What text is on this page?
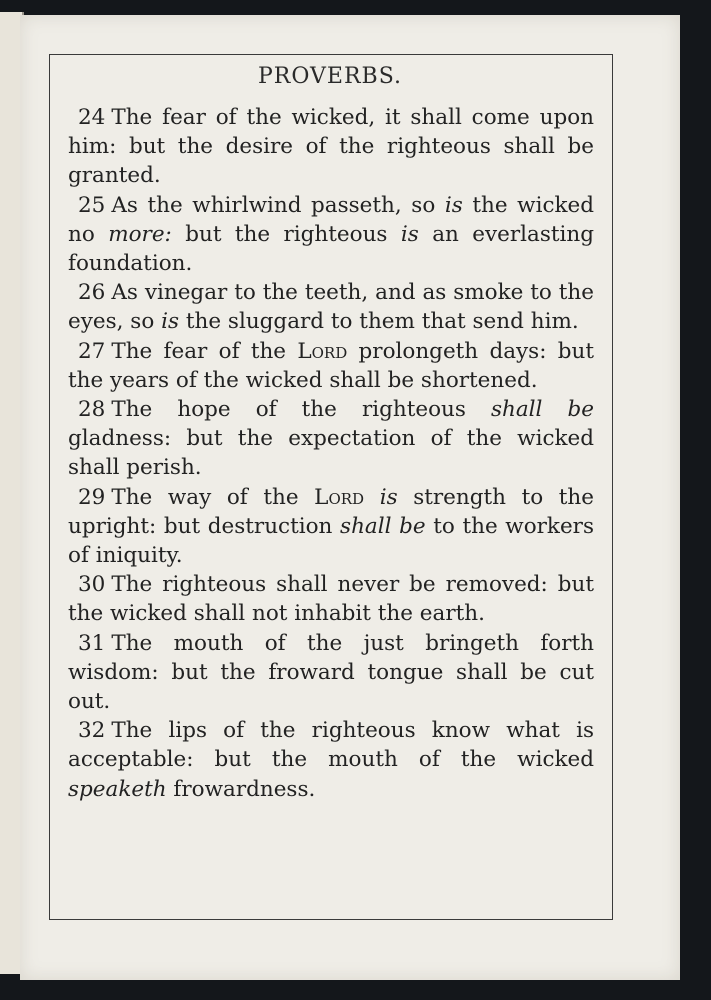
PROVERBS.

24 The fear of the wicked, it shall come upon him: but the desire of the righteous shall be granted.

25 As the whirlwind passeth, so is the wicked no more: but the righteous is an everlasting foundation.

26 As vinegar to the teeth, and as smoke to the eyes, so is the sluggard to them that send him.

27 The fear of the Lord prolongeth days: but the years of the wicked shall be shortened.

28 The hope of the righteous shall be gladness: but the expectation of the wicked shall perish.

29 The way of the Lord is strength to the upright: but destruction shall be to the workers of iniquity.

30 The righteous shall never be removed: but the wicked shall not inhabit the earth.

31 The mouth of the just bringeth forth wisdom: but the froward tongue shall be cut out.

32 The lips of the righteous know what is acceptable: but the mouth of the wicked speaketh frowardness.
